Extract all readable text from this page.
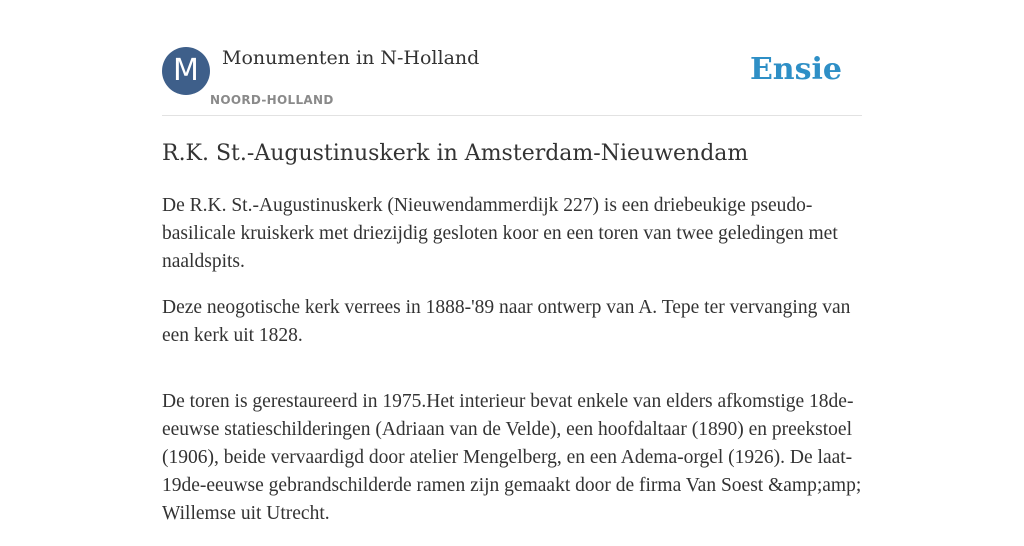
M	Monumenten in N-Holland
NOORD-HOLLAND
Ensie
R.K. St.-Augustinuskerk in Amsterdam-Nieuwendam

De R.K. St.-Augustinuskerk (Nieuwendammerdijk 227) is een driebeukige pseudo-basilicale kruiskerk met driezijdig gesloten koor en een toren van twee geledingen met naaldspits.

Deze neogotische kerk verrees in 1888-'89 naar ontwerp van A. Tepe ter vervanging van een kerk uit 1828.

De toren is gerestaureerd in 1975.Het interieur bevat enkele van elders afkomstige 18de-eeuwse statieschilderingen (Adriaan van de Velde), een hoofdaltaar (1890) en preekstoel (1906), beide vervaardigd door atelier Mengelberg, en een Adema-orgel (1926). De laat-19de-eeuwse gebrandschilderde ramen zijn gemaakt door de firma Van Soest &amp;amp; Willemse uit Utrecht.
